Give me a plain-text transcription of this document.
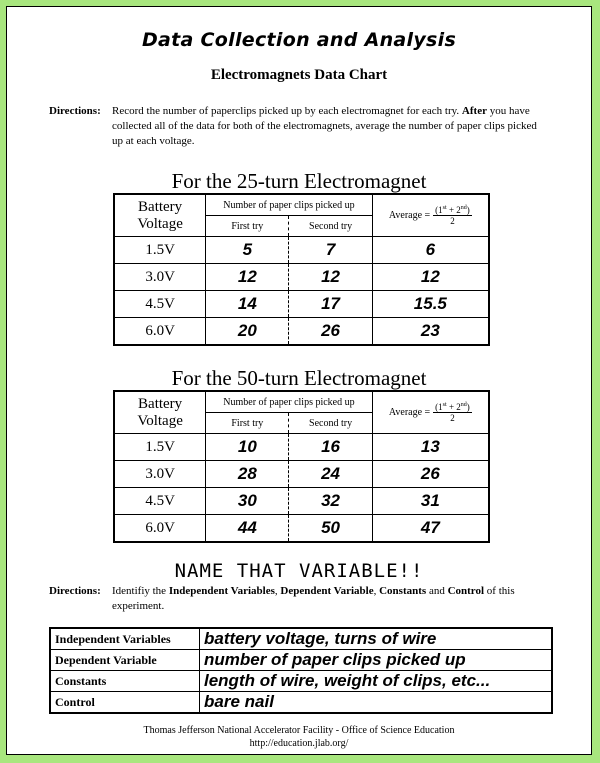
Data Collection and Analysis
Electromagnets Data Chart
Directions: Record the number of paperclips picked up by each electromagnet for each try. After you have collected all of the data for both of the electromagnets, average the number of paper clips picked up at each voltage.
For the 25-turn Electromagnet
Battery
Voltage	Number of paper clips picked up		Average = $\frac{(1^{st} + 2^{nd})}{2}$

	First try	Second try	
1.5V	5	7	6
3.0V	12	12	12
4.5V	14	17	15.5
6.0V	20	26	23
For the 50-turn Electromagnet
Battery
Voltage	Number of paper clips picked up		Average = $\frac{(1^{st} + 2^{nd})}{2}$

	First try	Second try	
1.5V	10	16	13
3.0V	28	24	26
4.5V	30	32	31
6.0V	44	50	47
NAME THAT VARIABLE!!
Directions: Identifiy the Independent Variables, Dependent Variable, Constants and Control of this experiment.
Independent Variables	battery voltage, turns of wire
Dependent Variable	number of paper clips picked up
Constants	length of wire, weight of clips, etc...
Control	bare nail
Thomas Jefferson National Accelerator Facility - Office of Science Education
http://education.jlab.org/
